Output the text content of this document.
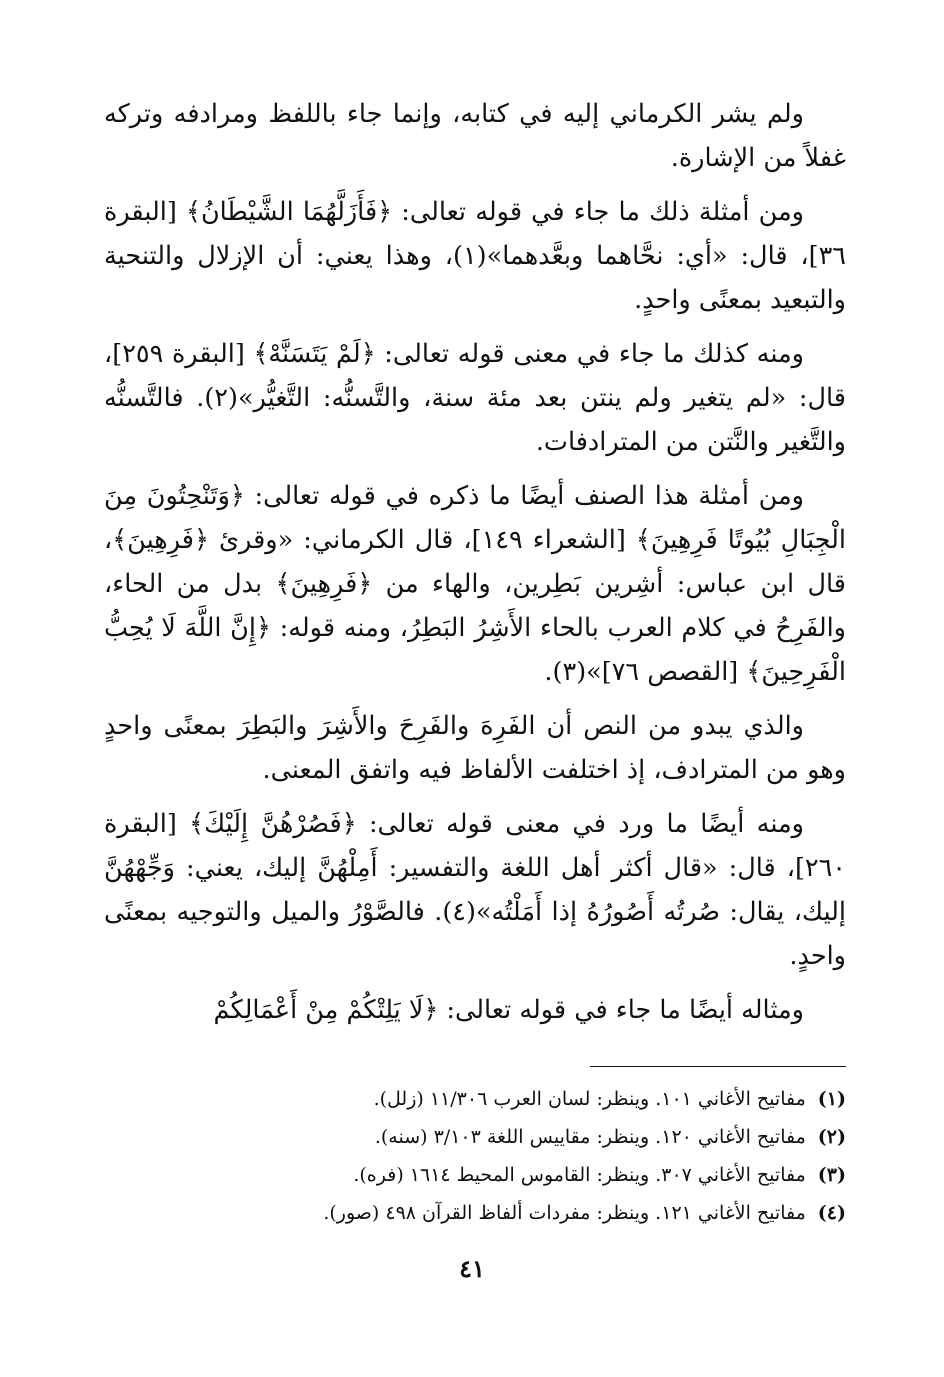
ولم يشر الكرماني إليه في كتابه، وإنما جاء باللفظ ومرادفه وتركه غفلاً من الإشارة.

ومن أمثلة ذلك ما جاء في قوله تعالى: ﴿فَأَزَلَّهُمَا الشَّيْطَانُ﴾ [البقرة ٣٦]، قال: «أي: نحَّاهما وبعَّدهما»(١)، وهذا يعني: أن الإزلال والتنحية والتبعيد بمعنًى واحدٍ.

ومنه كذلك ما جاء في معنى قوله تعالى: ﴿لَمْ يَتَسَنَّهْ﴾ [البقرة ٢٥٩]، قال: «لم يتغير ولم ينتن بعد مئة سنة، والتَّسنُّه: التَّغيُّر»(٢). فالتَّسنُّه والتَّغير والنَّتن من المترادفات.

ومن أمثلة هذا الصنف أيضًا ما ذكره في قوله تعالى: ﴿وَتَنْحِتُونَ مِنَ الْجِبَالِ بُيُوتًا فَرِهِينَ﴾ [الشعراء ١٤٩]، قال الكرماني: «وقرئ ﴿فَرِهِينَ﴾، قال ابن عباس: أشِرين بَطِرين، والهاء من ﴿فَرِهِينَ﴾ بدل من الحاء، والفَرِحُ في كلام العرب بالحاء الأَشِرُ البَطِرُ، ومنه قوله: ﴿إِنَّ اللَّهَ لَا يُحِبُّ الْفَرِحِينَ﴾ [القصص ٧٦]»(٣).

والذي يبدو من النص أن الفَرِهَ والفَرِحَ والأَشِرَ والبَطِرَ بمعنًى واحدٍ وهو من المترادف، إذ اختلفت الألفاظ فيه واتفق المعنى.

ومنه أيضًا ما ورد في معنى قوله تعالى: ﴿فَصُرْهُنَّ إِلَيْكَ﴾ [البقرة ٢٦٠]، قال: «قال أكثر أهل اللغة والتفسير: أَمِلْهُنَّ إليك، يعني: وَجِّهْهُنَّ إليك، يقال: صُرتُه أَصُورُهُ إذا أَمَلْتُه»(٤). فالصَّوْرُ والميل والتوجيه بمعنًى واحدٍ.

ومثاله أيضًا ما جاء في قوله تعالى: ﴿لَا يَلِتْكُمْ مِنْ أَعْمَالِكُمْ

(١)مفاتيح الأغاني ١٠١. وينظر: لسان العرب ١١/٣٠٦ (زلل).
(٢)مفاتيح الأغاني ١٢٠. وينظر: مقاييس اللغة ٣/١٠٣ (سنه).
(٣)مفاتيح الأغاني ٣٠٧. وينظر: القاموس المحيط ١٦١٤ (فره).
(٤)مفاتيح الأغاني ١٢١. وينظر: مفردات ألفاظ القرآن ٤٩٨ (صور).
٤١
